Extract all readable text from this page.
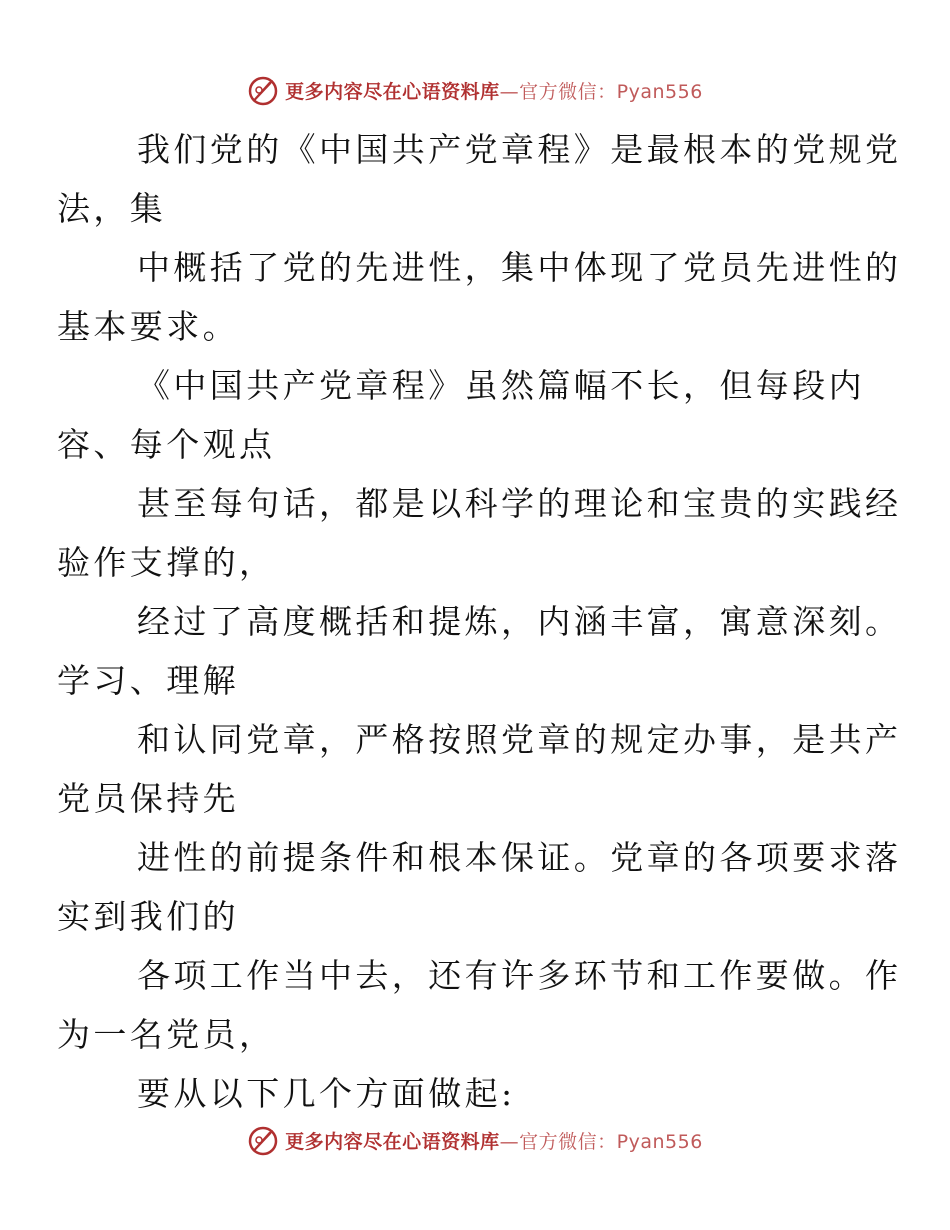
更多内容尽在心语资料库—官方微信：Pyan556

我们党的《中国共产党章程》是最根本的党规党
法，集

中概括了党的先进性，集中体现了党员先进性的
基本要求。

《中国共产党章程》虽然篇幅不长，但每段内
容、每个观点

甚至每句话，都是以科学的理论和宝贵的实践经
验作支撑的，

经过了高度概括和提炼，内涵丰富，寓意深刻。
学习、理解

和认同党章，严格按照党章的规定办事，是共产
党员保持先

进性的前提条件和根本保证。党章的各项要求落
实到我们的

各项工作当中去，还有许多环节和工作要做。作
为一名党员，

要从以下几个方面做起:

更多内容尽在心语资料库—官方微信：Pyan556
